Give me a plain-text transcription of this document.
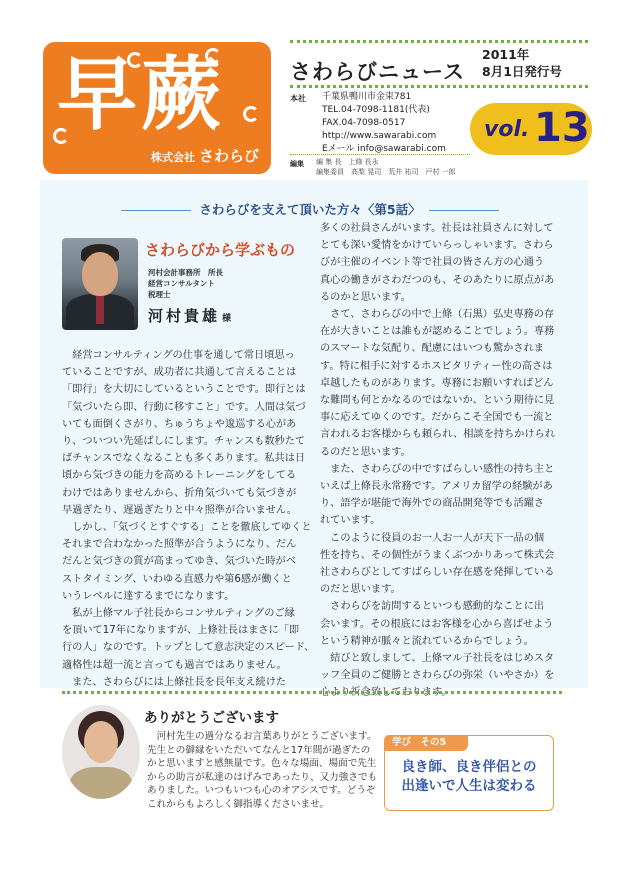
早蕨
株式会社 さわらび
さわらびニュース
2011年
8月1日発行号
本社 千葉県鴨川市金束781
TEL.04-7098-1181(代表)
FAX.04-7098-0517
http://www.sawarabi.com
Eメール info@sawarabi.com
vol. 13
編集 編 集 長　上條 長永
編集委員　高梨 晃司　荒井 祐司　戸村 一郎
さわらびを支えて頂いた方々〈第5話〉
さわらびから学ぶもの
河村会計事務所　所長
経営コンサルタント
税理士
河村貴雄 様

　経営コンサルティングの仕事を通して常日頃思っ

ていることですが、成功者に共通して言えることは

「即行」を大切にしているということです。即行とは

「気づいたら即、行動に移すこと」です。人間は気づ

いても面倒くさがり、ちゅうちょや逡巡する心があ

り、ついつい先延ばしにします。チャンスも数秒たて

ばチャンスでなくなることも多くあります。私共は日

頃から気づきの能力を高めるトレーニングをしてる

わけではありませんから、折角気づいても気づきが

早過ぎたり、遅過ぎたりと中々照準が合いません。

　しかし、「気づくとすぐする」ことを徹底してゆくと

それまで合わなかった照準が合うようになり、だん

だんと気づきの質が高まってゆき、気づいた時がベ

ストタイミング、いわゆる直感力や第6感が働くと

いうレベルに達するまでになります。

　私が上條マル子社長からコンサルティングのご縁

を頂いて17年になりますが、上條社長はまさに「即

行の人」なのです。トップとして意志決定のスピード、

適格性は超一流と言っても過言ではありません。

　また、さわらびには上條社長を長年支え続けた

多くの社員さんがいます。社長は社員さんに対して

とても深い愛情をかけていらっしゃいます。さわら

びが主催のイベント等で社員の皆さん方の心通う

真心の働きがさわだつのも、そのあたりに原点があ

るのかと思います。

　さて、さわらびの中で上條（石黒）弘史専務の存

在が大きいことは誰もが認めることでしょう。専務

のスマートな気配り、配慮にはいつも驚かされま

す。特に相手に対するホスピタリティー性の高さは

卓越したものがあります。専務にお願いすればどん

な難問も何とかなるのではないか、という期待に見

事に応えてゆくのです。だからこそ全国でも一流と

言われるお客様からも頼られ、相談を持ちかけられ

るのだと思います。

　また、さわらびの中ですばらしい感性の持ち主と

いえば上條長永常務です。アメリカ留学の経験があ

り、語学が堪能で海外での商品開発等でも活躍さ

れています。

　このように役員のお一人お一人が天下一品の個

性を持ち、その個性がうまくぶつかりあって株式会

社さわらびとしてすばらしい存在感を発揮している

のだと思います。

　さわらびを訪問するといつも感動的なことに出

会います。その根底にはお客様を心から喜ばせよう

という精神が脈々と流れているからでしょう。

　結びと致しまして、上條マル子社長をはじめスタ

ッフ全員のご健勝とさわらびの弥栄（いやさか）を

心より祈念致しております。

ありがとうございます
　河村先生の過分なるお言葉ありがとうございます。
先生との御縁をいただいてなんと17年間が過ぎたの
かと思いますと感無量です。色々な場面、場面で先生
からの助言が私達のはげみであったり、又力強さでも
ありました。いつもいつも心のオアシスです。どうぞ
これからもよろしく御指導くださいませ。
学び　その5
良き師、良き伴侶との
出逢いで人生は変わる
